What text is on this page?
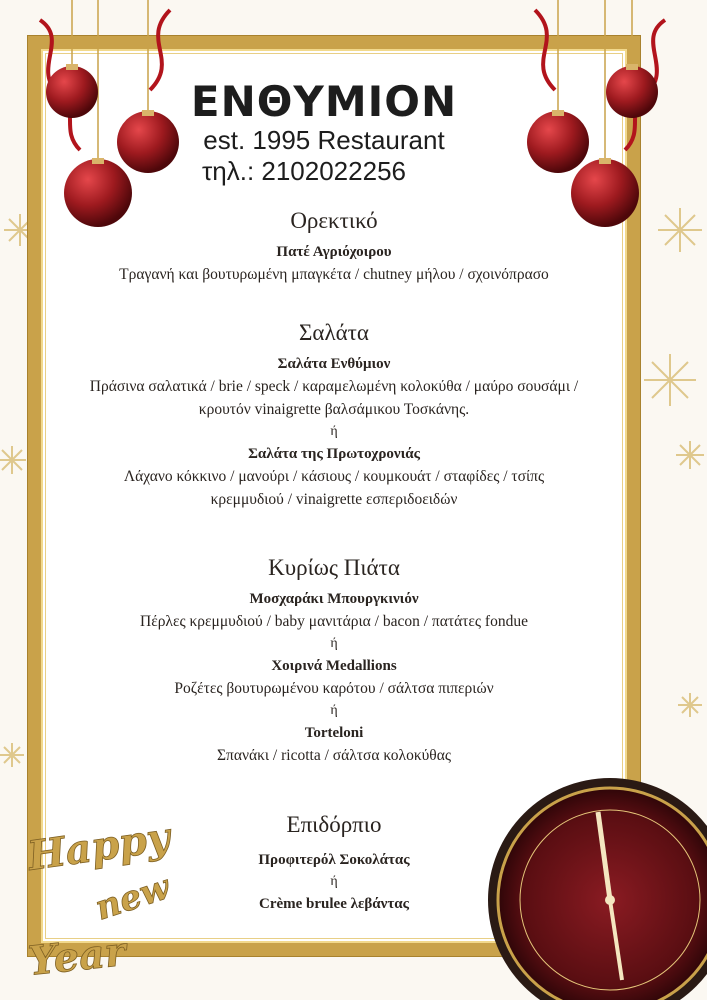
Happy
new
Year
ΕΝΘΥΜΙΟΝ
est. 1995 Restaurant
τηλ.: 2102022256

Ορεκτικό

Πατέ Αγριόχοιρου

Τραγανή και βουτυρωμένη μπαγκέτα / chutney μήλου / σχοινόπρασο

Σαλάτα

Σαλάτα Ενθύμιον

Πράσινα σαλατικά / brie / speck / καραμελωμένη κολοκύθα / μαύρο σουσάμι / κρουτόν vinaigrette βαλσάμικου Τοσκάνης.

ή

Σαλάτα της Πρωτοχρονιάς

Λάχανο κόκκινο / μανούρι / κάσιους / κουμκουάτ / σταφίδες / τσίπς κρεμμυδιού / vinaigrette εσπεριδοειδών

Κυρίως Πιάτα

Μοσχαράκι Μπουργκινιόν

Πέρλες κρεμμυδιού / baby μανιτάρια / bacon / πατάτες fondue

ή

Χοιρινά Medallions

Ροζέτες βουτυρωμένου καρότου / σάλτσα πιπεριών

ή

Torteloni

Σπανάκι / ricotta / σάλτσα κολοκύθας

Επιδόρπιο

Προφιτερόλ Σοκολάτας

ή

Crème brulee λεβάντας
